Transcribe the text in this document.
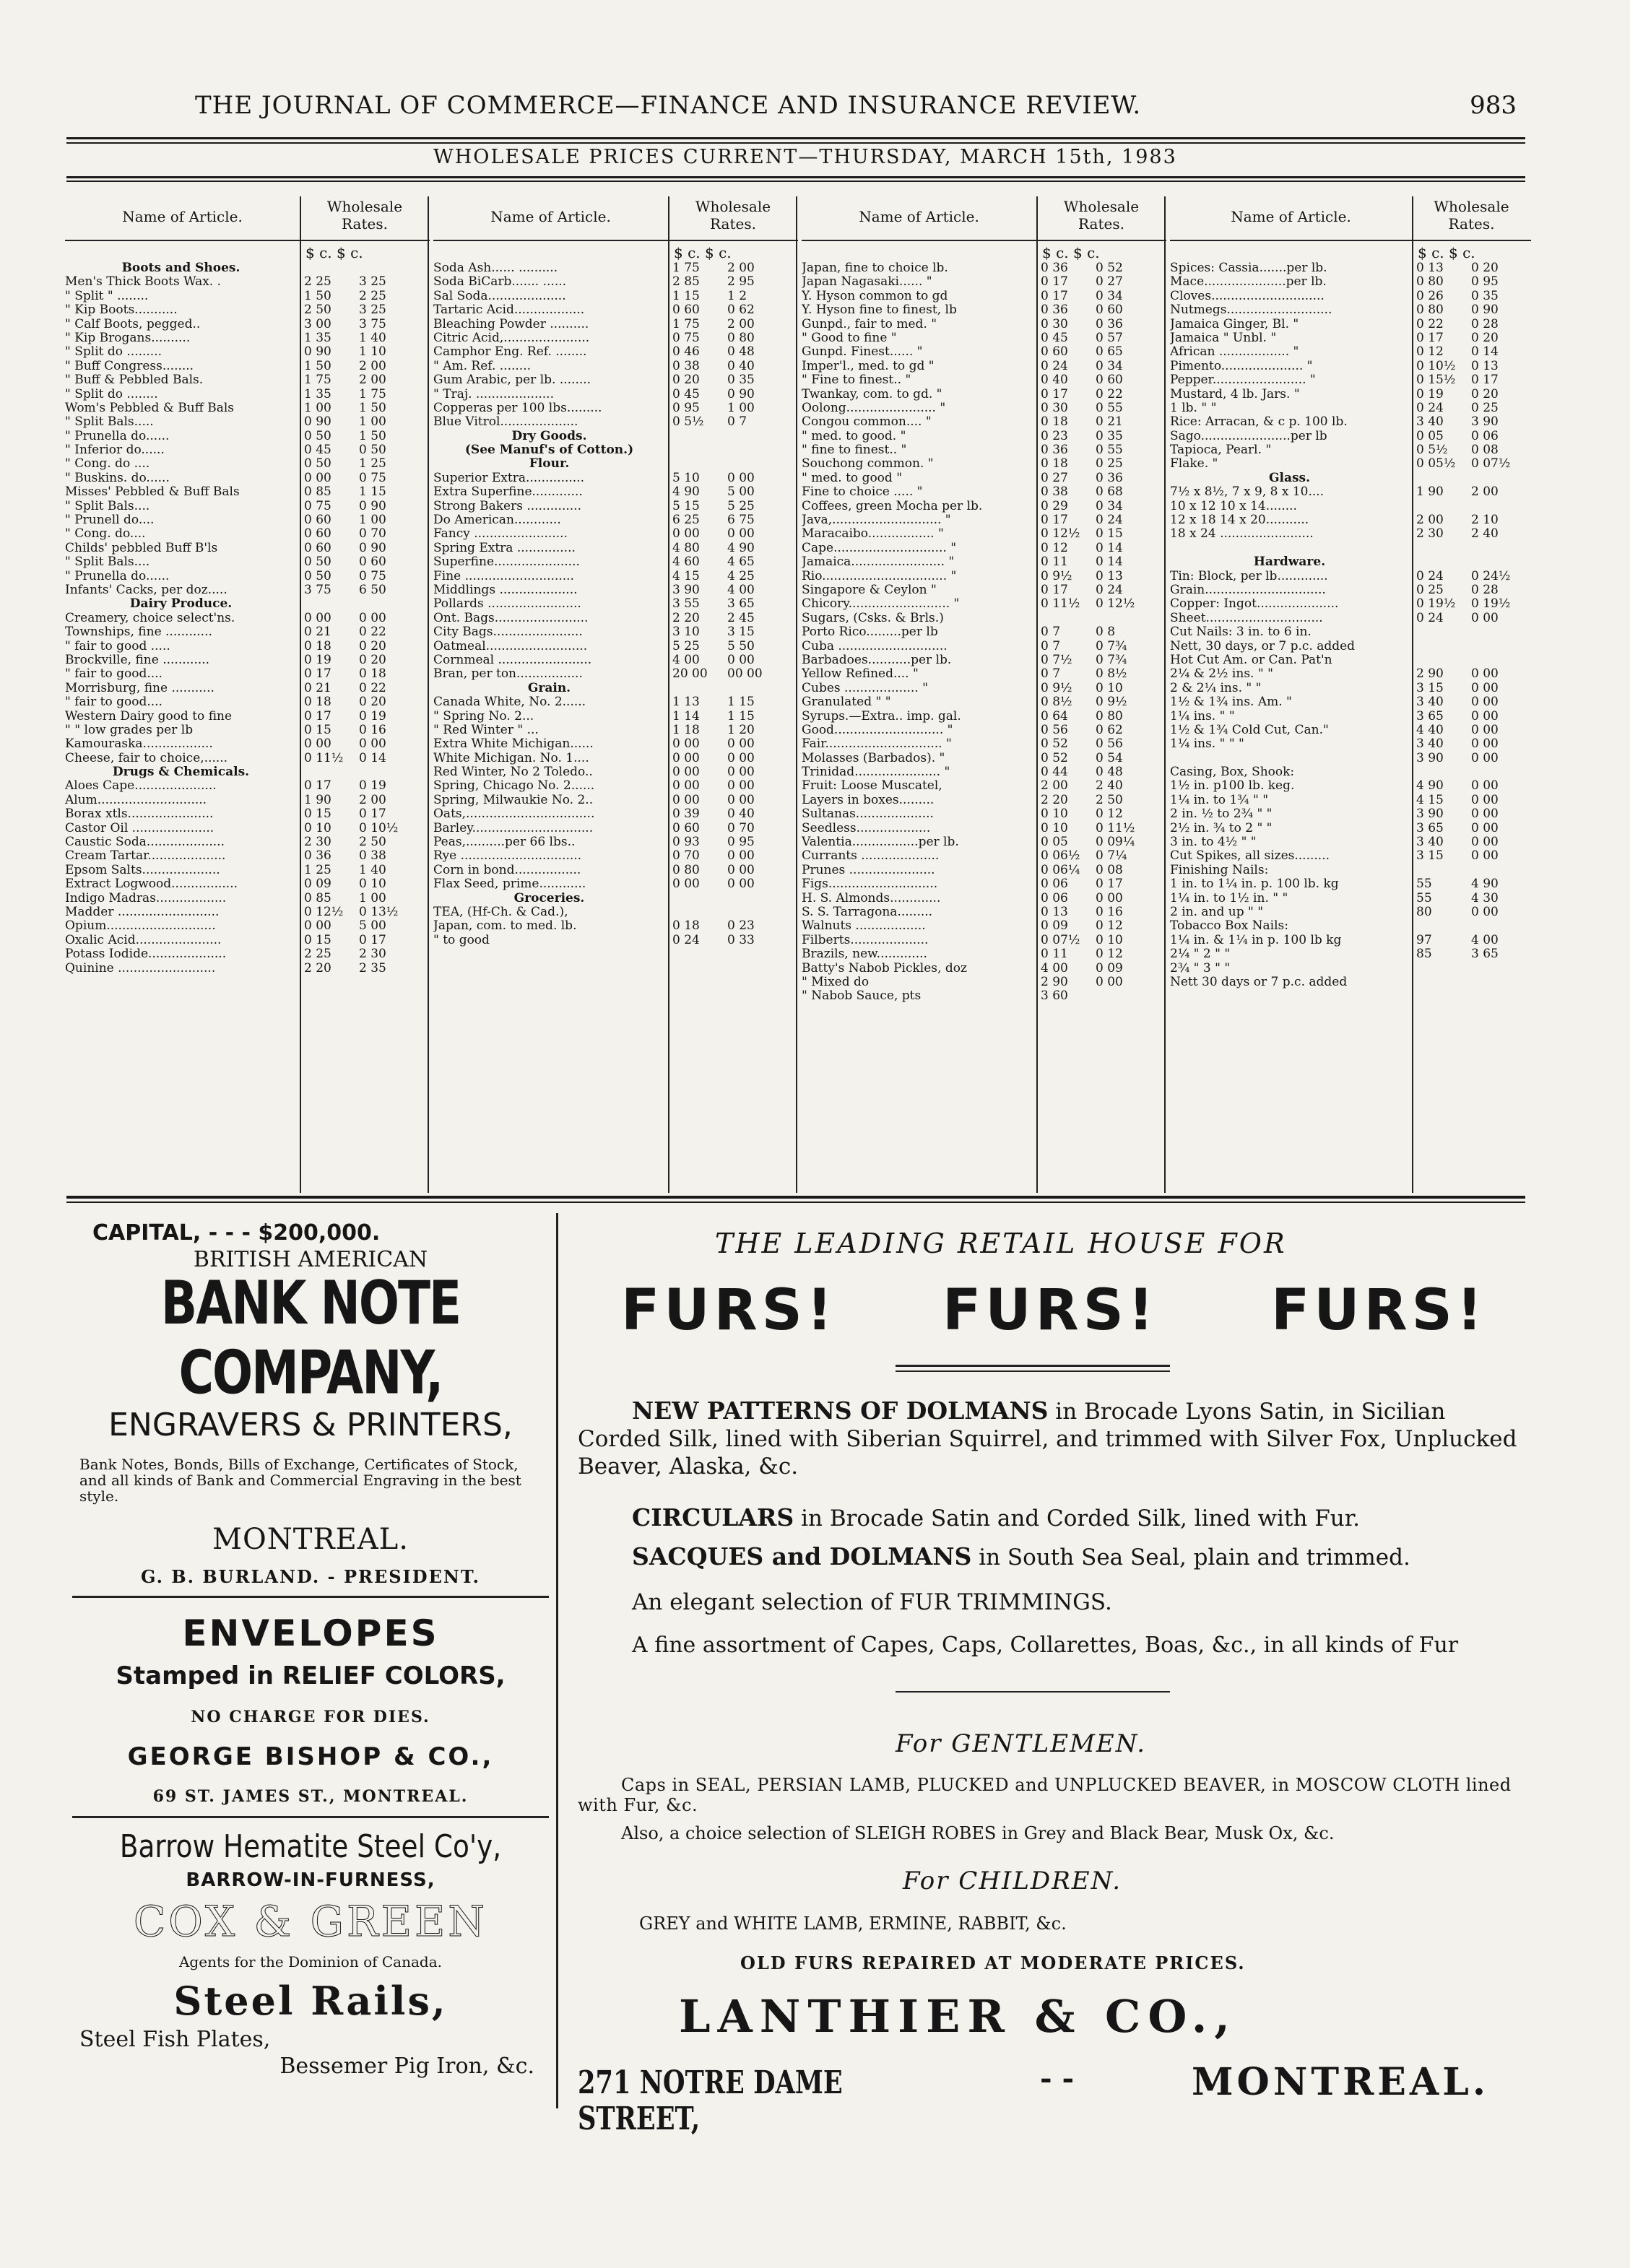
THE JOURNAL OF COMMERCE—FINANCE AND INSURANCE REVIEW.	983
WHOLESALE PRICES CURRENT—THURSDAY, MARCH 15th, 1983
Name of Article.
Wholesale Rates.
$ c. $ c.
Boots and Shoes.
Men's Thick Boots Wax. .	2 25 3 25
" Split " ........	1 50 2 25
" Kip Boots...........	2 50 3 25
" Calf Boots, pegged..	3 00 3 75
" Kip Brogans..........	1 35 1 40
" Split do .........	0 90 1 10
" Buff Congress........	1 50 2 00
" Buff & Pebbled Bals.	1 75 2 00
" Split do ........	1 35 1 75
Wom's Pebbled & Buff Bals	1 00 1 50
" Split Bals.....	0 90 1 00
" Prunella do......	0 50 1 50
" Inferior do......	0 45 0 50
" Cong. do ....	0 50 1 25
" Buskins. do......	0 00 0 75
Misses' Pebbled & Buff Bals	0 85 1 15
" Split Bals....	0 75 0 90
" Prunell do....	0 60 1 00
" Cong. do....	0 60 0 70
Childs' pebbled Buff B'ls	0 60 0 90
" Split Bals....	0 50 0 60
" Prunella do......	0 50 0 75
Infants' Cacks, per doz.....	3 75 6 50
Dairy Produce.
Creamery, choice select'ns.	0 00 0 00
Townships, fine ............	0 21 0 22
" fair to good .....	0 18 0 20
Brockville, fine ............	0 19 0 20
" fair to good....	0 17 0 18
Morrisburg, fine ...........	0 21 0 22
" fair to good....	0 18 0 20
Western Dairy good to fine	0 17 0 19
" " low grades per lb	0 15 0 16
Kamouraska..................	0 00 0 00
Cheese, fair to choice,......	0 11½ 0 14
Drugs & Chemicals.
Aloes Cape.....................	0 17 0 19
Alum............................	1 90 2 00
Borax xtls......................	0 15 0 17
Castor Oil .....................	0 10 0 10½
Caustic Soda....................	2 30 2 50
Cream Tartar....................	0 36 0 38
Epsom Salts....................	1 25 1 40
Extract Logwood.................	0 09 0 10
Indigo Madras..................	0 85 1 00
Madder ..........................	0 12½ 0 13½
Opium............................	0 00 5 00
Oxalic Acid......................	0 15 0 17
Potass Iodide....................	2 25 2 30
Quinine .........................	2 20 2 35
Name of Article.
Wholesale Rates.
$ c. $ c.
Soda Ash...... ..........	1 75 2 00
Soda BiCarb....... ......	2 85 2 95
Sal Soda....................	1 15 1 2
Tartaric Acid..................	0 60 0 62
Bleaching Powder ..........	1 75 2 00
Citric Acid,......................	0 75 0 80
Camphor Eng. Ref. ........	0 46 0 48
" Am. Ref. ........	0 38 0 40
Gum Arabic, per lb. ........	0 20 0 35
" Traj. ....................	0 45 0 90
Copperas per 100 lbs.........	0 95 1 00
Blue Vitrol....................	0 5½ 0 7
Dry Goods.
(See Manuf's of Cotton.)
Flour.
Superior Extra...............	5 10 0 00
Extra Superfine.............	4 90 5 00
Strong Bakers ..............	5 15 5 25
Do American............	6 25 6 75
Fancy ........................	0 00 0 00
Spring Extra ...............	4 80 4 90
Superfine......................	4 60 4 65
Fine ............................	4 15 4 25
Middlings ....................	3 90 4 00
Pollards ........................	3 55 3 65
Ont. Bags........................	2 20 2 45
City Bags.......................	3 10 3 15
Oatmeal..........................	5 25 5 50
Cornmeal ........................	4 00 0 00
Bran, per ton.................	20 00 00 00
Grain.
Canada White, No. 2......	1 13 1 15
" Spring No. 2...	1 14 1 15
" Red Winter " ...	1 18 1 20
Extra White Michigan......	0 00 0 00
White Michigan. No. 1....	0 00 0 00
Red Winter, No 2 Toledo..	0 00 0 00
Spring, Chicago No. 2......	0 00 0 00
Spring, Milwaukie No. 2..	0 00 0 00
Oats,.................................	0 39 0 40
Barley...............................	0 60 0 70
Peas,..........per 66 lbs..	0 93 0 95
Rye ...............................	0 70 0 00
Corn in bond.................	0 80 0 00
Flax Seed, prime............	0 00 0 00
Groceries.
TEA, (Hf-Ch. & Cad.),
Japan, com. to med. lb.	0 18 0 23
" to good	0 24 0 33
Name of Article.
Wholesale Rates.
$ c. $ c.
Japan, fine to choice lb.	0 36 0 52
Japan Nagasaki...... "	0 17 0 27
Y. Hyson common to gd	0 17 0 34
Y. Hyson fine to finest, lb	0 36 0 60
Gunpd., fair to med. "	0 30 0 36
" Good to fine "	0 45 0 57
Gunpd. Finest...... "	0 60 0 65
Imper'l., med. to gd "	0 24 0 34
" Fine to finest.. "	0 40 0 60
Twankay, com. to gd. "	0 17 0 22
Oolong....................... "	0 30 0 55
Congou common.... "	0 18 0 21
" med. to good. "	0 23 0 35
" fine to finest.. "	0 36 0 55
Souchong common. "	0 18 0 25
" med. to good "	0 27 0 36
Fine to choice ..... "	0 38 0 68
Coffees, green Mocha per lb.	0 29 0 34
Java,............................ "	0 17 0 24
Maracaibo................. "	0 12½ 0 15
Cape............................. "	0 12 0 14
Jamaica........................ "	0 11 0 14
Rio................................ "	0 9½ 0 13
Singapore & Ceylon "	0 17 0 24
Chicory.......................... "	0 11½ 0 12½
Sugars, (Csks. & Brls.)
Porto Rico.........per lb	0 7	0 8
Cuba ............................	0 7	0 7¾
Barbadoes...........per lb.	0 7½ 0 7¾
Yellow Refined.... "	0 7	0 8½
Cubes ................... "	0 9½ 0 10
Granulated " "	0 8½ 0 9½
Syrups.—Extra.. imp. gal.	0 64 0 80
Good............................ "	0 56 0 62
Fair.............................. "	0 52 0 56
Molasses (Barbados). "	0 52 0 54
Trinidad...................... "	0 44 0 48
Fruit: Loose Muscatel,	2 00 2 40
Layers in boxes.........	2 20 2 50
Sultanas....................	0 10 0 12
Seedless...................	0 10 0 11½
Valentia.................per lb.	0 05 0 09¼
Currants ....................	0 06½ 0 7¼
Prunes ......................	0 06¼ 0 08
Figs............................	0 06 0 17
H. S. Almonds.............	0 06 0 00
S. S. Tarragona.........	0 13 0 16
Walnuts ..................	0 09 0 12
Filberts....................	0 07½ 0 10
Brazils, new.............	0 11 0 12
Batty's Nabob Pickles, doz	4 00 0 09
" Mixed do	2 90 0 00
" Nabob Sauce, pts	3 60
Name of Article.
Wholesale Rates.
$ c. $ c.
Spices: Cassia.......per lb.	0 13 0 20
Mace.....................per lb.	0 80 0 95
Cloves.............................	0 26 0 35
Nutmegs...........................	0 80 0 90
Jamaica Ginger, Bl. "	0 22 0 28
Jamaica " Unbl. "	0 17 0 20
African .................. "	0 12 0 14
Pimento..................... "	0 10½ 0 13
Pepper........................ "	0 15½ 0 17
Mustard, 4 lb. Jars. "	0 19 0 20
1 lb. " "	0 24 0 25
Rice: Arracan, & c p. 100 lb.	3 40 3 90
Sago.......................per lb	0 05 0 06
Tapioca, Pearl. "	0 5½ 0 08
Flake. "	0 05½ 0 07½
Glass.
7½ x 8½, 7 x 9, 8 x 10....	1 90 2 00
10 x 12 10 x 14........
12 x 18 14 x 20...........	2 00 2 10
18 x 24 ........................	2 30 2 40
Hardware.
Tin: Block, per lb.............	0 24 0 24½
Grain...............................	0 25 0 28
Copper: Ingot.....................	0 19½ 0 19½
Sheet..............................	0 24 0 00
Cut Nails: 3 in. to 6 in.
Nett, 30 days, or 7 p.c. added
Hot Cut Am. or Can. Pat'n
2¼ & 2½ ins. " "	2 90 0 00
2 & 2¼ ins. " "	3 15 0 00
1½ & 1¾ ins. Am. "	3 40 0 00
1¼ ins. " "	3 65 0 00
1½ & 1¾ Cold Cut, Can."	4 40 0 00
1¼ ins. " " "	3 40 0 00
3 90 0 00
Casing, Box, Shook:
1½ in. p100 lb. keg.	4 90 0 00
1¼ in. to 1¾ " "	4 15 0 00
2 in. ½ to 2¾ " "	3 90 0 00
2½ in. ¾ to 2 " "	3 65 0 00
3 in. to 4½ " "	3 40 0 00
Cut Spikes, all sizes.........	3 15 0 00
Finishing Nails:
1 in. to 1¼ in. p. 100 lb. kg	55	4 90
1¼ in. to 1½ in. " "	55	4 30
2 in. and up " "	80	0 00
Tobacco Box Nails:
1¼ in. & 1¼ in p. 100 lb kg	97	4 00
2¼ " 2 " "	85	3 65
2¾ " 3 " "
Nett 30 days or 7 p.c. added
CAPITAL, - - - $200,000.
BRITISH AMERICAN
BANK NOTE COMPANY,
ENGRAVERS & PRINTERS,
Bank Notes, Bonds, Bills of Exchange, Certificates of Stock, and all kinds of Bank and Commercial Engraving in the best style.
MONTREAL.
G. B. BURLAND. - PRESIDENT.
ENVELOPES
Stamped in RELIEF COLORS,
NO CHARGE FOR DIES.
GEORGE BISHOP & CO.,
69 ST. JAMES ST., MONTREAL.
Barrow Hematite Steel Co'y,
BARROW-IN-FURNESS,
COX & GREEN
Agents for the Dominion of Canada.
Steel Rails,
Steel Fish Plates,
Bessemer Pig Iron, &c.
THE LEADING RETAIL HOUSE FOR
FURS! FURS! FURS!
NEW PATTERNS OF DOLMANS in Brocade Lyons Satin, in Sicilian Corded Silk, lined with Siberian Squirrel, and trimmed with Silver Fox, Unplucked Beaver, Alaska, &c.
CIRCULARS in Brocade Satin and Corded Silk, lined with Fur.
SACQUES and DOLMANS in South Sea Seal, plain and trimmed.
An elegant selection of FUR TRIMMINGS.
A fine assortment of Capes, Caps, Collarettes, Boas, &c., in all kinds of Fur
For GENTLEMEN.
Caps in SEAL, PERSIAN LAMB, PLUCKED and UNPLUCKED BEAVER, in MOSCOW CLOTH lined with Fur, &c.
Also, a choice selection of SLEIGH ROBES in Grey and Black Bear, Musk Ox, &c.
For CHILDREN.
GREY and WHITE LAMB, ERMINE, RABBIT, &c.
OLD FURS REPAIRED AT MODERATE PRICES.
LANTHIER & CO.,
271 NOTRE DAME STREET,
- -	MONTREAL.
